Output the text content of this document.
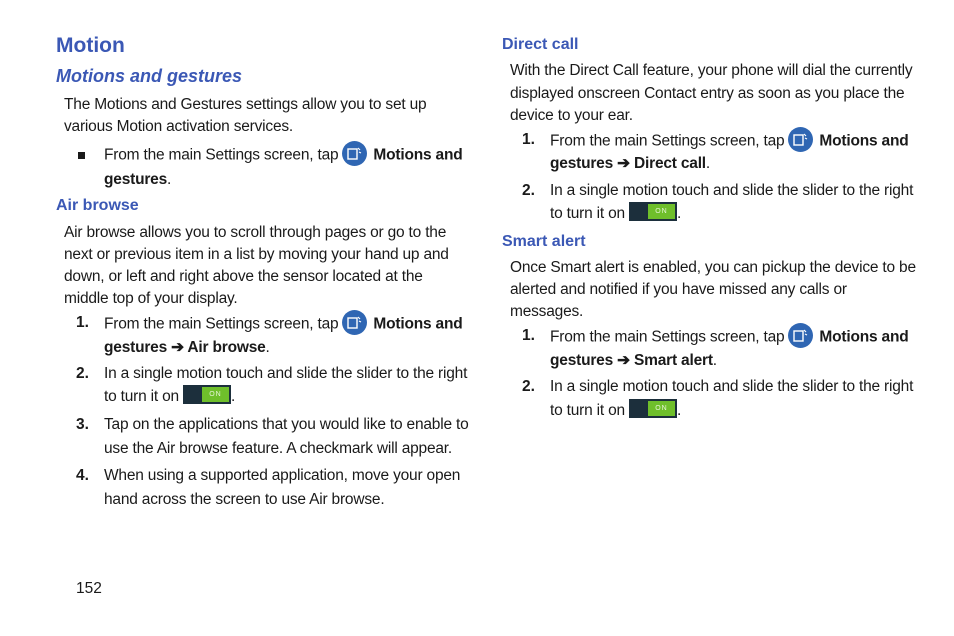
Motion
Motions and gestures
The Motions and Gestures settings allow you to set up
various Motion activation services.
From the main Settings screen, tap Motions and
gestures.
Air browse
Air browse allows you to scroll through pages or go to the
next or previous item in a list by moving your hand up and
down, or left and right above the sensor located at the
middle top of your display.
1. From the main Settings screen, tap Motions and
gestures ➔ Air browse.
2. In a single motion touch and slide the slider to the right
to turn it on	ON .
3. Tap on the applications that you would like to enable to
use the Air browse feature. A checkmark will appear.
4. When using a supported application, move your open
hand across the screen to use Air browse.
152
Direct call
With the Direct Call feature, your phone will dial the currently
displayed onscreen Contact entry as soon as you place the
device to your ear.
1. From the main Settings screen, tap Motions and
gestures ➔ Direct call.
2. In a single motion touch and slide the slider to the right
to turn it on	ON .
Smart alert
Once Smart alert is enabled, you can pickup the device to be
alerted and notified if you have missed any calls or
messages.
1. From the main Settings screen, tap Motions and
gestures ➔ Smart alert.
2. In a single motion touch and slide the slider to the right
to turn it on	ON .
